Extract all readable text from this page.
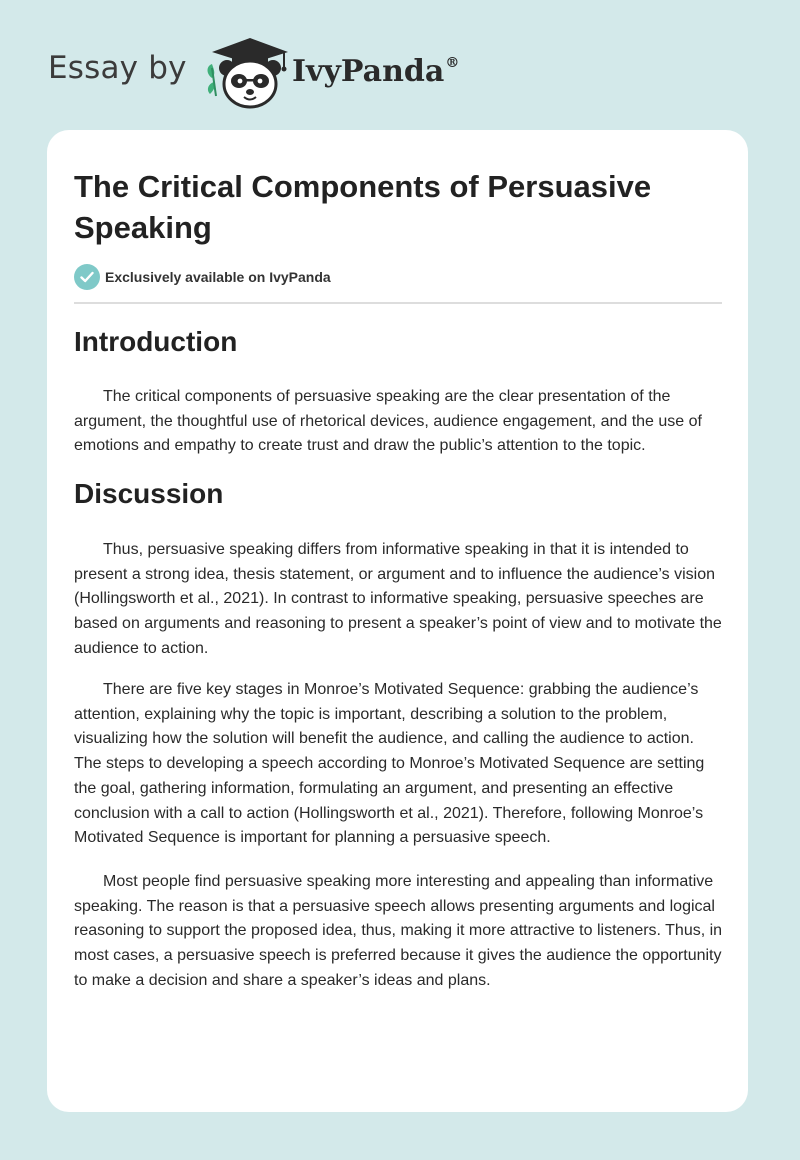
Essay by	IvyPanda®
The Critical Components of Persuasive Speaking
Exclusively available on IvyPanda
Introduction

The critical components of persuasive speaking are the clear presentation of the argument, the thoughtful use of rhetorical devices, audience engagement, and the use of emotions and empathy to create trust and draw the public’s attention to the topic.

Discussion

Thus, persuasive speaking differs from informative speaking in that it is intended to present a strong idea, thesis statement, or argument and to influence the audience’s vision (Hollingsworth et al., 2021). In contrast to informative speaking, persuasive speeches are based on arguments and reasoning to present a speaker’s point of view and to motivate the audience to action.

There are five key stages in Monroe’s Motivated Sequence: grabbing the audience’s attention, explaining why the topic is important, describing a solution to the problem, visualizing how the solution will benefit the audience, and calling the audience to action. The steps to developing a speech according to Monroe’s Motivated Sequence are setting the goal, gathering information, formulating an argument, and presenting an effective conclusion with a call to action (Hollingsworth et al., 2021). Therefore, following Monroe’s Motivated Sequence is important for planning a persuasive speech.

Most people find persuasive speaking more interesting and appealing than informative speaking. The reason is that a persuasive speech allows presenting arguments and logical reasoning to support the proposed idea, thus, making it more attractive to listeners. Thus, in most cases, a persuasive speech is preferred because it gives the audience the opportunity to make a decision and share a speaker’s ideas and plans.
